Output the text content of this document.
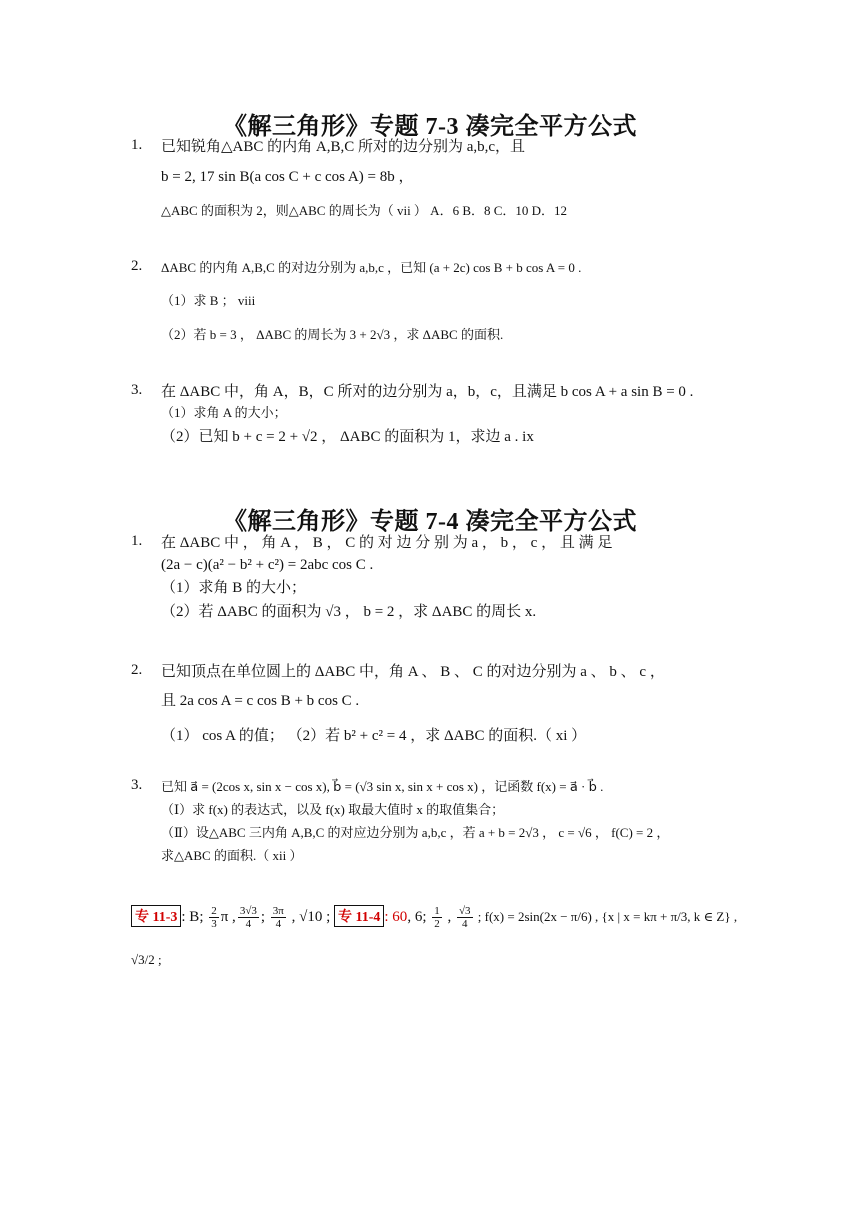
《解三角形》专题 7-3 凑完全平方公式
1. 已知锐角△ABC 的内角 A,B,C 所对的边分别为 a,b,c，且
b = 2, 17 sin B(a cos C + c cos A) = 8b ，
△ABC 的面积为 2，则△ABC 的周长为（ vii ） A．6 B．8 C．10 D．12
2. ΔABC 的内角 A,B,C 的对边分别为 a,b,c ，已知 (a + 2c) cos B + b cos A = 0 .
（1）求 B ； viii
（2）若 b = 3 ， ΔABC 的周长为 3 + 2√3 ，求 ΔABC 的面积.
3. 在 ΔABC 中，角 A，B，C 所对的边分别为 a，b，c，且满足 b cos A + a sin B = 0 .
（1）求角 A 的大小；
（2）已知 b + c = 2 + √2 ， ΔABC 的面积为 1，求边 a . ix
《解三角形》专题 7-4 凑完全平方公式
1. 在 ΔABC 中 ， 角 A ， B ， C 的 对 边 分 别 为 a ， b ， c ， 且 满 足
(2a − c)(a² − b² + c²) = 2abc cos C .
（1）求角 B 的大小；
（2）若 ΔABC 的面积为 √3 ， b = 2 ，求 ΔABC 的周长 x.
2. 已知顶点在单位圆上的 ΔABC 中，角 A 、 B 、 C 的对边分别为 a 、 b 、 c ，
且 2a cos A = c cos B + b cos C .
（1） cos A 的值； （2）若 b² + c² = 4 ，求 ΔABC 的面积.（ xi ）
3. 已知 a⃗ = (2cos x, sin x − cos x), b⃗ = (√3 sin x, sin x + cos x) ，记函数 f(x) = a⃗ · b⃗ .
（Ⅰ）求 f(x) 的表达式，以及 f(x) 取最大值时 x 的取值集合；
（Ⅱ）设△ABC 三内角 A,B,C 的对应边分别为 a,b,c ，若 a + b = 2√3 ， c = √6 ， f(C) = 2 ，
求△ABC 的面积.（ xii ）
专 11-3 : B; $\frac{2}{3}$ π , $\frac{3√3}{4}$ ; $\frac{3\pi}{4}$ , √10 ; 专 11-4 : 60, 6; $\frac{1}{2}$ , $\frac{√3}{4}$ ; f(x) = 2sin(2x − π/6) , {x | x = kπ + π/3, k ∈ Z} ,
√3/2 ;
